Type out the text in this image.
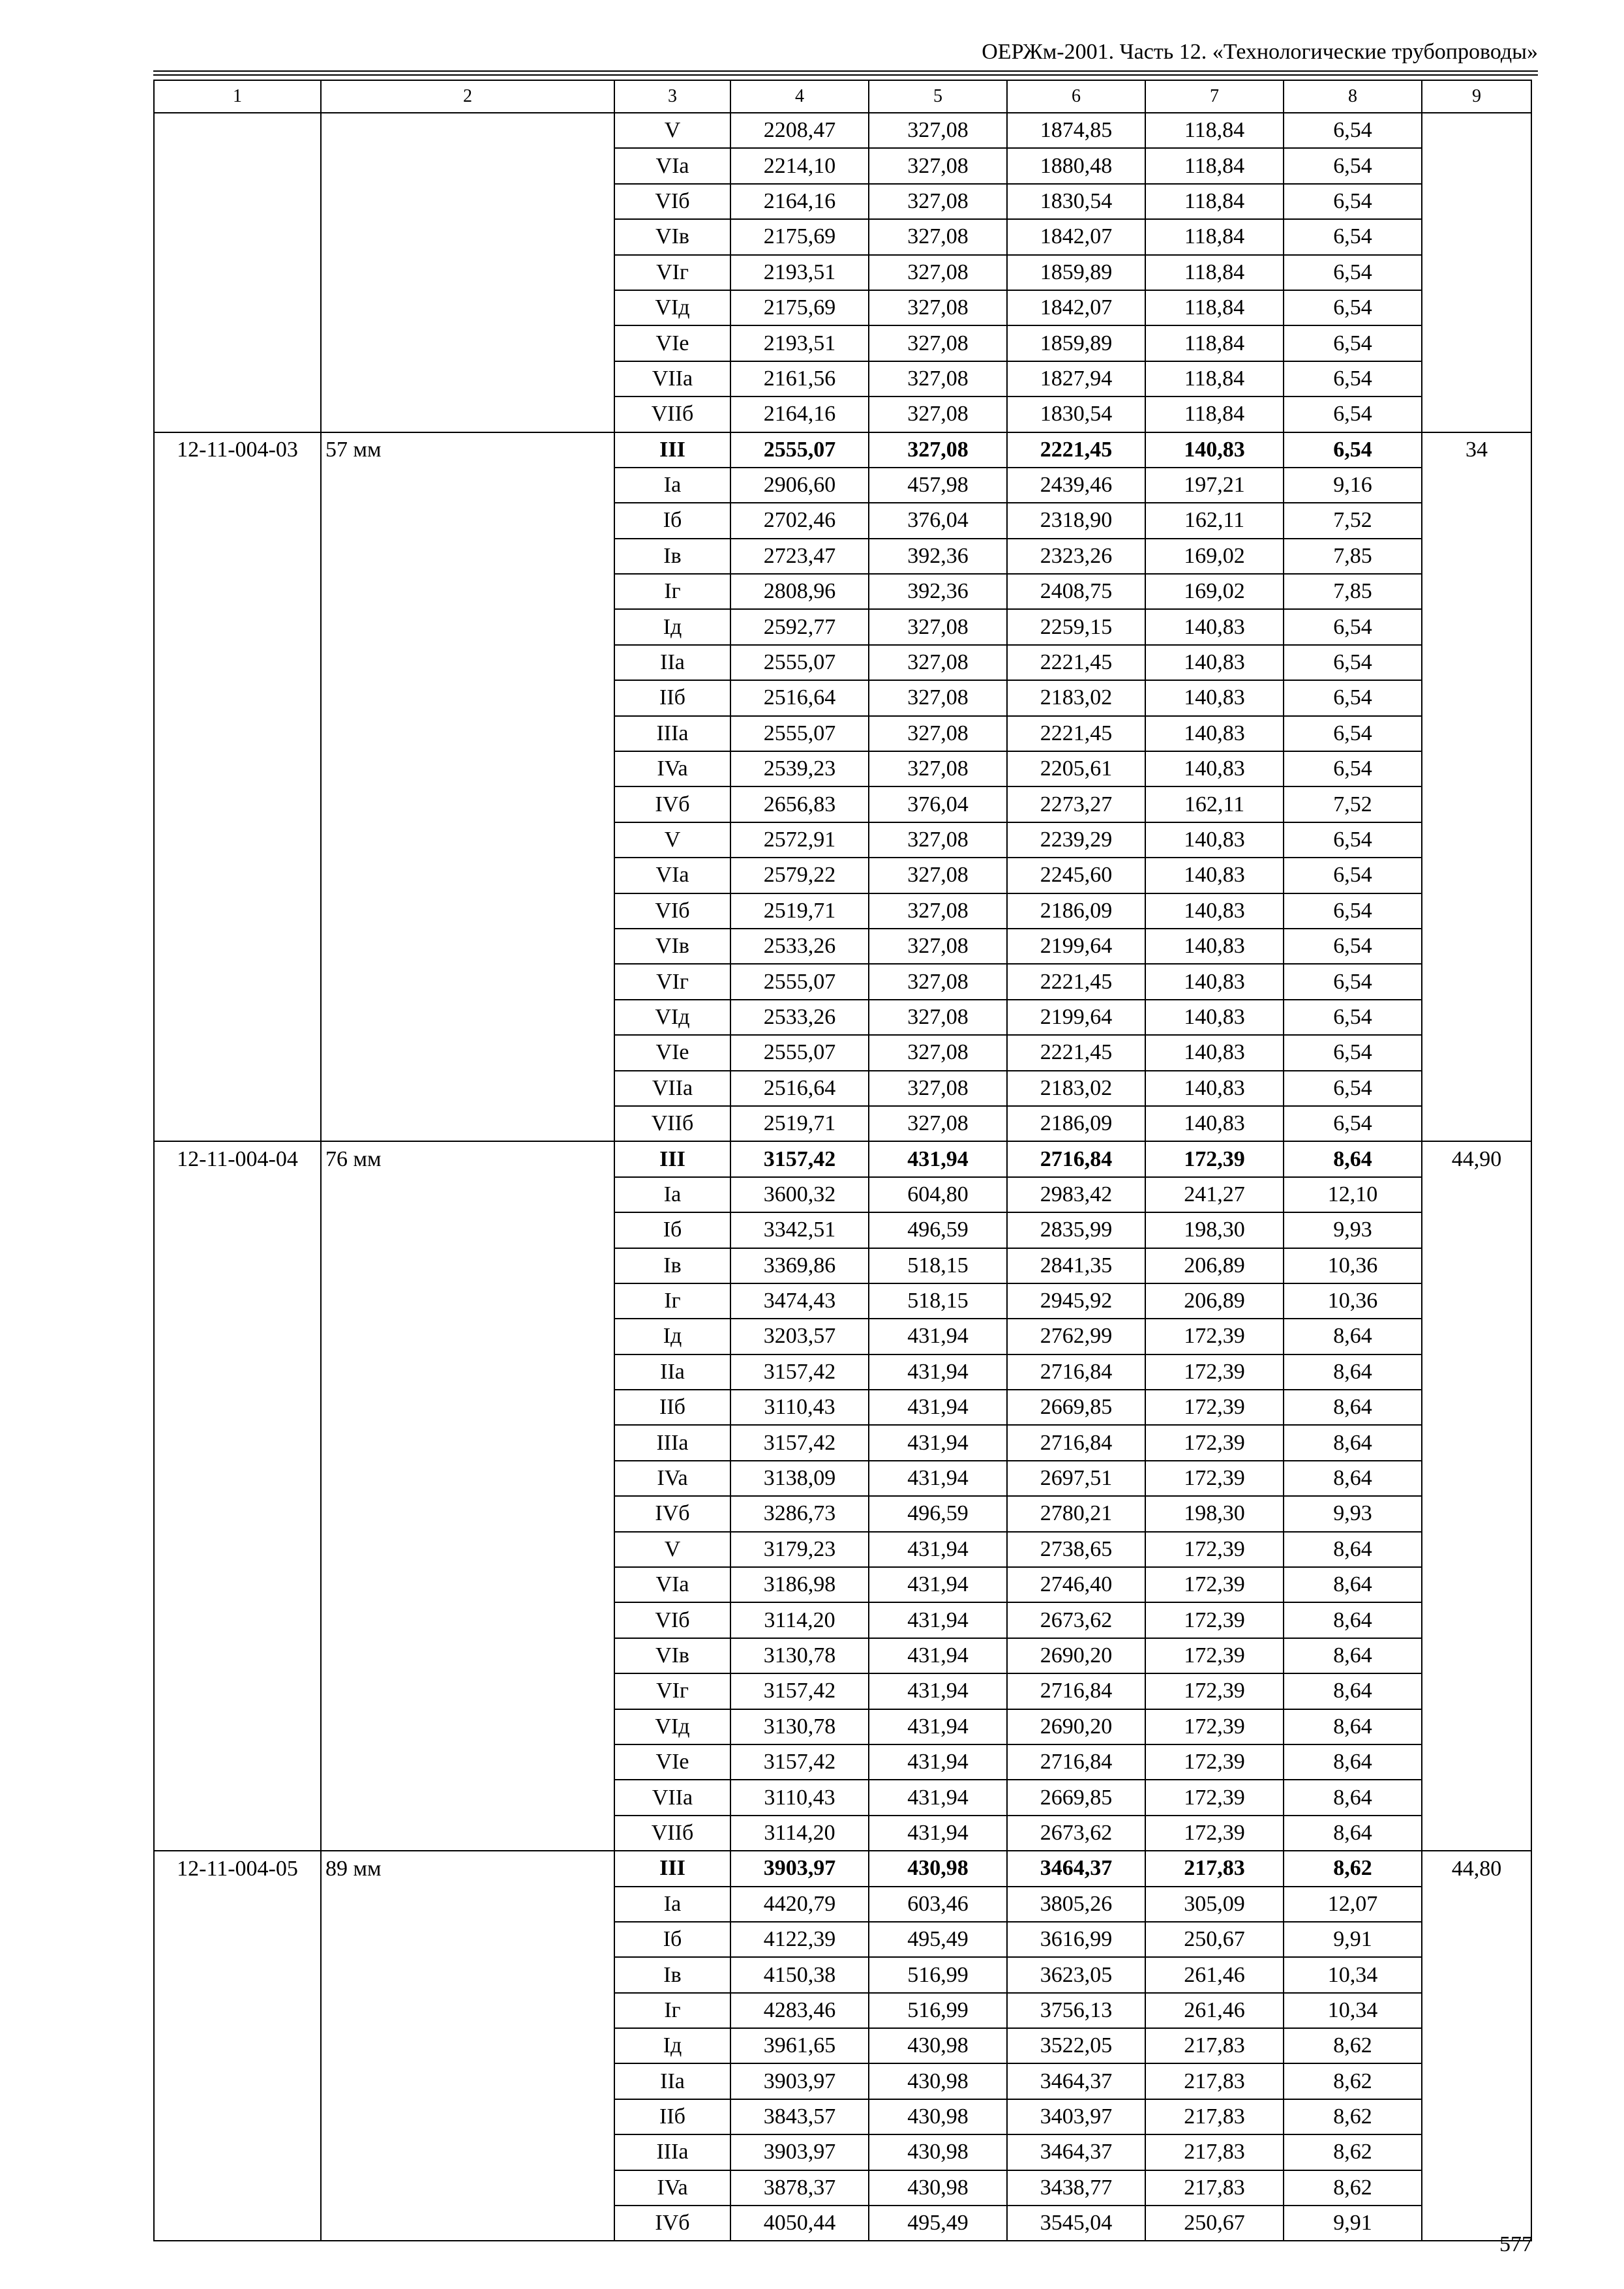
ОЕРЖм-2001. Часть 12. «Технологические трубопроводы»
1	2	3	4	5	6	7	8	9
		V	2208,47	327,08	1874,85	118,84	6,54	
		VIa	2214,10	327,08	1880,48	118,84	6,54	
		VIб	2164,16	327,08	1830,54	118,84	6,54	
		VIв	2175,69	327,08	1842,07	118,84	6,54	
		VIг	2193,51	327,08	1859,89	118,84	6,54	
		VIд	2175,69	327,08	1842,07	118,84	6,54	
		VIe	2193,51	327,08	1859,89	118,84	6,54	
		VIIa	2161,56	327,08	1827,94	118,84	6,54	
		VIIб	2164,16	327,08	1830,54	118,84	6,54	
12-11-004-03	57 мм	III	2555,07	327,08	2221,45	140,83	6,54	34
		Ia	2906,60	457,98	2439,46	197,21	9,16	
		Iб	2702,46	376,04	2318,90	162,11	7,52	
		Iв	2723,47	392,36	2323,26	169,02	7,85	
		Iг	2808,96	392,36	2408,75	169,02	7,85	
		Iд	2592,77	327,08	2259,15	140,83	6,54	
		IIa	2555,07	327,08	2221,45	140,83	6,54	
		IIб	2516,64	327,08	2183,02	140,83	6,54	
		IIIa	2555,07	327,08	2221,45	140,83	6,54	
		IVa	2539,23	327,08	2205,61	140,83	6,54	
		IVб	2656,83	376,04	2273,27	162,11	7,52	
		V	2572,91	327,08	2239,29	140,83	6,54	
		VIa	2579,22	327,08	2245,60	140,83	6,54	
		VIб	2519,71	327,08	2186,09	140,83	6,54	
		VIв	2533,26	327,08	2199,64	140,83	6,54	
		VIг	2555,07	327,08	2221,45	140,83	6,54	
		VIд	2533,26	327,08	2199,64	140,83	6,54	
		VIe	2555,07	327,08	2221,45	140,83	6,54	
		VIIa	2516,64	327,08	2183,02	140,83	6,54	
		VIIб	2519,71	327,08	2186,09	140,83	6,54	
12-11-004-04	76 мм	III	3157,42	431,94	2716,84	172,39	8,64	44,90
		Ia	3600,32	604,80	2983,42	241,27	12,10	
		Iб	3342,51	496,59	2835,99	198,30	9,93	
		Iв	3369,86	518,15	2841,35	206,89	10,36	
		Iг	3474,43	518,15	2945,92	206,89	10,36	
		Iд	3203,57	431,94	2762,99	172,39	8,64	
		IIa	3157,42	431,94	2716,84	172,39	8,64	
		IIб	3110,43	431,94	2669,85	172,39	8,64	
		IIIa	3157,42	431,94	2716,84	172,39	8,64	
		IVa	3138,09	431,94	2697,51	172,39	8,64	
		IVб	3286,73	496,59	2780,21	198,30	9,93	
		V	3179,23	431,94	2738,65	172,39	8,64	
		VIa	3186,98	431,94	2746,40	172,39	8,64	
		VIб	3114,20	431,94	2673,62	172,39	8,64	
		VIв	3130,78	431,94	2690,20	172,39	8,64	
		VIг	3157,42	431,94	2716,84	172,39	8,64	
		VIд	3130,78	431,94	2690,20	172,39	8,64	
		VIe	3157,42	431,94	2716,84	172,39	8,64	
		VIIa	3110,43	431,94	2669,85	172,39	8,64	
		VIIб	3114,20	431,94	2673,62	172,39	8,64	
12-11-004-05	89 мм	III	3903,97	430,98	3464,37	217,83	8,62	44,80
		Ia	4420,79	603,46	3805,26	305,09	12,07	
		Iб	4122,39	495,49	3616,99	250,67	9,91	
		Iв	4150,38	516,99	3623,05	261,46	10,34	
		Iг	4283,46	516,99	3756,13	261,46	10,34	
		Iд	3961,65	430,98	3522,05	217,83	8,62	
		IIa	3903,97	430,98	3464,37	217,83	8,62	
		IIб	3843,57	430,98	3403,97	217,83	8,62	
		IIIa	3903,97	430,98	3464,37	217,83	8,62	
		IVa	3878,37	430,98	3438,77	217,83	8,62	
		IVб	4050,44	495,49	3545,04	250,67	9,91	
577
